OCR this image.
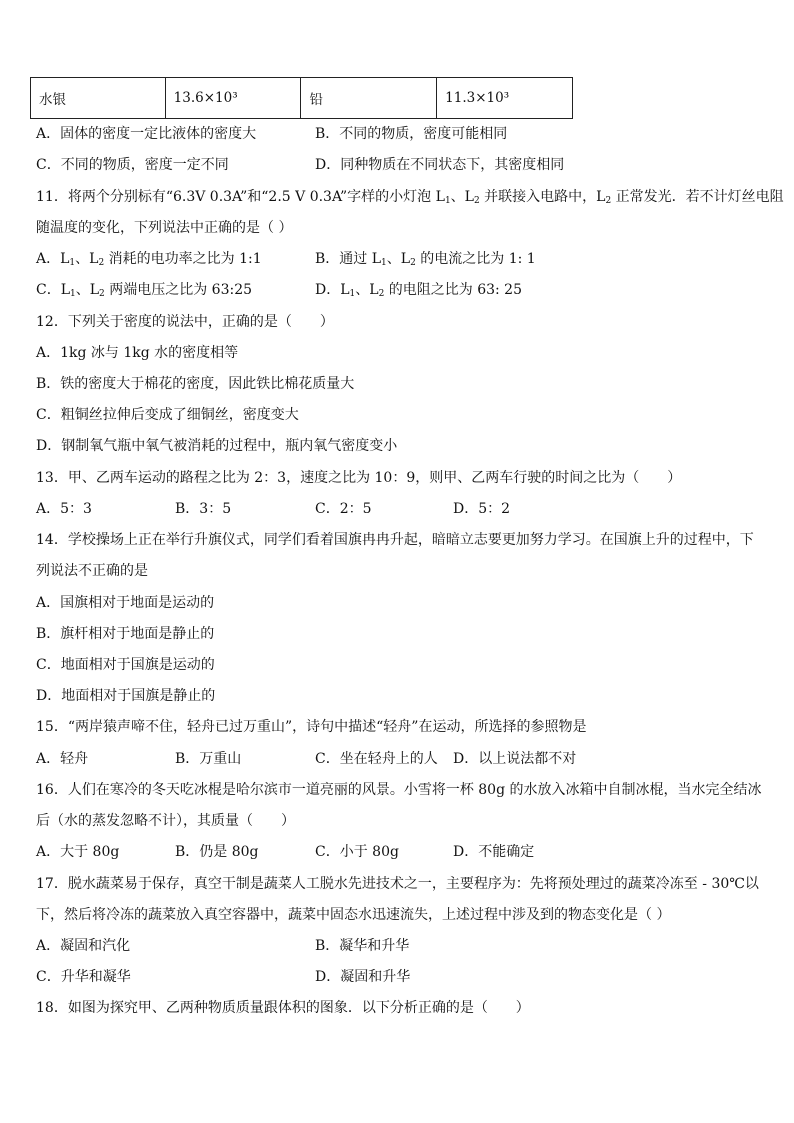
水银	13.6×10³	铅	11.3×10³
A．固体的密度一定比液体的密度大	B．不同的物质，密度可能相同
C．不同的物质，密度一定不同	D．同种物质在不同状态下，其密度相同
11．将两个分别标有“6.3V 0.3A”和“2.5 V 0.3A”字样的小灯泡 $L_1$、$L_2$ 并联接入电路中，$L_2$ 正常发光．若不计灯丝电阻
随温度的变化，下列说法中正确的是（ ）
A．$L_1$、$L_2$ 消耗的电功率之比为 1:1	B．通过 $L_1$、$L_2$ 的电流之比为 1: 1
C．$L_1$、$L_2$ 两端电压之比为 63:25	D．$L_1$、$L_2$ 的电阻之比为 63: 25
12．下列关于密度的说法中，正确的是（　　）
A．1kg 冰与 1kg 水的密度相等
B．铁的密度大于棉花的密度，因此铁比棉花质量大
C．粗铜丝拉伸后变成了细铜丝，密度变大
D．钢制氧气瓶中氧气被消耗的过程中，瓶内氧气密度变小
13．甲、乙两车运动的路程之比为 2：3，速度之比为 10：9，则甲、乙两车行驶的时间之比为（　　）
A．5：3	B．3：5	C．2：5	D．5：2
14．学校操场上正在举行升旗仪式，同学们看着国旗冉冉升起，暗暗立志要更加努力学习。在国旗上升的过程中，下
列说法不正确的是
A．国旗相对于地面是运动的
B．旗杆相对于地面是静止的
C．地面相对于国旗是运动的
D．地面相对于国旗是静止的
15．“两岸猿声啼不住，轻舟已过万重山”，诗句中描述“轻舟”在运动，所选择的参照物是
A．轻舟	B．万重山	C．坐在轻舟上的人 D．以上说法都不对
16．人们在寒冷的冬天吃冰棍是哈尔滨市一道亮丽的风景。小雪将一杯 80g 的水放入冰箱中自制冰棍，当水完全结冰
后（水的蒸发忽略不计），其质量（　　）
A．大于 80g	B．仍是 80g	C．小于 80g	D．不能确定
17．脱水蔬菜易于保存，真空干制是蔬菜人工脱水先进技术之一，主要程序为：先将预处理过的蔬菜冷冻至 - 30℃以
下，然后将冷冻的蔬菜放入真空容器中，蔬菜中固态水迅速流失，上述过程中涉及到的物态变化是（ ）
A．凝固和汽化	B．凝华和升华
C．升华和凝华	D．凝固和升华
18．如图为探究甲、乙两种物质质量跟体积的图象．以下分析正确的是（　　）
